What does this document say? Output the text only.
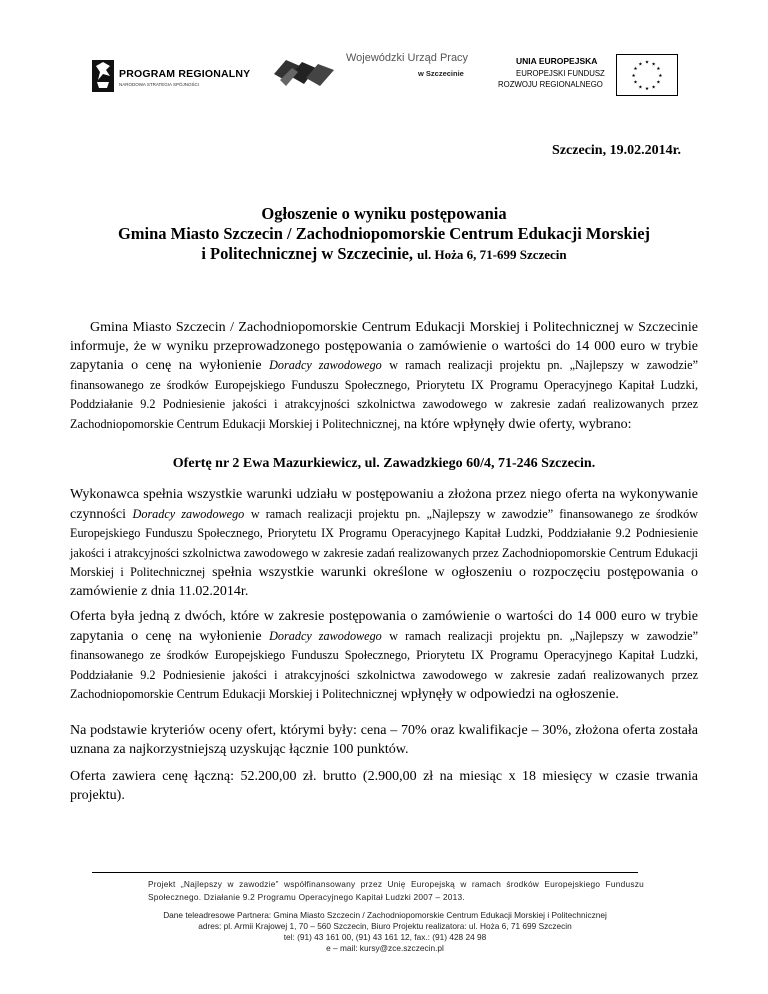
PROGRAM REGIONALNY
NARODOWA STRATEGIA SPÓJNOŚCI
Wojewódzki Urząd Pracy
w Szczecinie
UNIA EUROPEJSKA
EUROPEJSKI FUNDUSZ
ROZWOJU REGIONALNEGO
★ ★
★
★
★
★
★
★
★
★
★
★
Szczecin, 19.02.2014r.
Ogłoszenie o wyniku postępowania
Gmina Miasto Szczecin / Zachodniopomorskie Centrum Edukacji Morskiej
i Politechnicznej w Szczecinie, ul. Hoża 6, 71-699 Szczecin
Gmina Miasto Szczecin / Zachodniopomorskie Centrum Edukacji Morskiej i Politechnicznej w Szczecinie informuje, że w wyniku przeprowadzonego postępowania o zamówienie o wartości do 14 000 euro w trybie zapytania o cenę na wyłonienie Doradcy zawodowego w ramach realizacji projektu pn. „Najlepszy w zawodzie” finansowanego ze środków Europejskiego Funduszu Społecznego, Priorytetu IX Programu Operacyjnego Kapitał Ludzki, Poddziałanie 9.2 Podniesienie jakości i atrakcyjności szkolnictwa zawodowego w zakresie zadań realizowanych przez Zachodniopomorskie Centrum Edukacji Morskiej i Politechnicznej, na które wpłynęły dwie oferty, wybrano:
Ofertę nr 2 Ewa Mazurkiewicz, ul. Zawadzkiego 60/4, 71-246 Szczecin.
Wykonawca spełnia wszystkie warunki udziału w postępowaniu a złożona przez niego oferta na wykonywanie czynności Doradcy zawodowego w ramach realizacji projektu pn. „Najlepszy w zawodzie” finansowanego ze środków Europejskiego Funduszu Społecznego, Priorytetu IX Programu Operacyjnego Kapitał Ludzki, Poddziałanie 9.2 Podniesienie jakości i atrakcyjności szkolnictwa zawodowego w zakresie zadań realizowanych przez Zachodniopomorskie Centrum Edukacji Morskiej i Politechnicznej spełnia wszystkie warunki określone w ogłoszeniu o rozpoczęciu postępowania o zamówienie z dnia 11.02.2014r.
Oferta była jedną z dwóch, które w zakresie postępowania o zamówienie o wartości do 14 000 euro w trybie zapytania o cenę na wyłonienie Doradcy zawodowego w ramach realizacji projektu pn. „Najlepszy w zawodzie” finansowanego ze środków Europejskiego Funduszu Społecznego, Priorytetu IX Programu Operacyjnego Kapitał Ludzki, Poddziałanie 9.2 Podniesienie jakości i atrakcyjności szkolnictwa zawodowego w zakresie zadań realizowanych przez Zachodniopomorskie Centrum Edukacji Morskiej i Politechnicznej wpłynęły w odpowiedzi na ogłoszenie.
Na podstawie kryteriów oceny ofert, którymi były: cena – 70% oraz kwalifikacje – 30%, złożona oferta została uznana za najkorzystniejszą uzyskując łącznie 100 punktów.
Oferta zawiera cenę łączną: 52.200,00 zł. brutto (2.900,00 zł na miesiąc x 18 miesięcy w czasie trwania projektu).
Projekt „Najlepszy w zawodzie” współfinansowany przez Unię Europejską w ramach środków Europejskiego Funduszu Społecznego. Działanie 9.2 Programu Operacyjnego Kapitał Ludzki 2007 – 2013.
Dane teleadresowe Partnera: Gmina Miasto Szczecin / Zachodniopomorskie Centrum Edukacji Morskiej i Politechnicznej
adres: pl. Armii Krajowej 1, 70 – 560 Szczecin, Biuro Projektu realizatora: ul. Hoża 6, 71 699 Szczecin
tel: (91) 43 161 00, (91) 43 161 12, fax.: (91) 428 24 98
e – mail: kursy@zce.szczecin.pl
